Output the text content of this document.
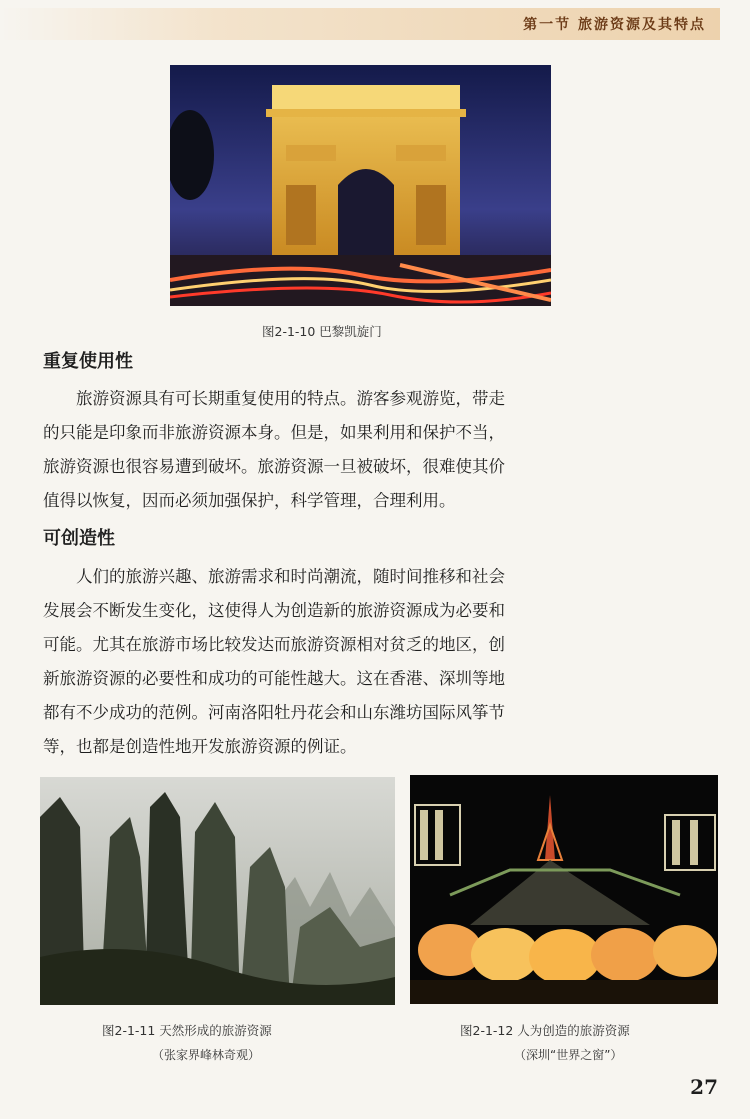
第一节 旅游资源及其特点
图2-1-10 巴黎凯旋门
重复使用性
　　旅游资源具有可长期重复使用的特点。游客参观游览，带走
的只能是印象而非旅游资源本身。但是，如果利用和保护不当，
旅游资源也很容易遭到破坏。旅游资源一旦被破坏，很难使其价
值得以恢复，因而必须加强保护，科学管理，合理利用。
可创造性
　　人们的旅游兴趣、旅游需求和时尚潮流，随时间推移和社会
发展会不断发生变化，这使得人为创造新的旅游资源成为必要和
可能。尤其在旅游市场比较发达而旅游资源相对贫乏的地区，创
新旅游资源的必要性和成功的可能性越大。这在香港、深圳等地
都有不少成功的范例。河南洛阳牡丹花会和山东潍坊国际风筝节
等，也都是创造性地开发旅游资源的例证。
图2-1-11 天然形成的旅游资源
（张家界峰林奇观）
图2-1-12 人为创造的旅游资源
（深圳“世界之窗”）
27
